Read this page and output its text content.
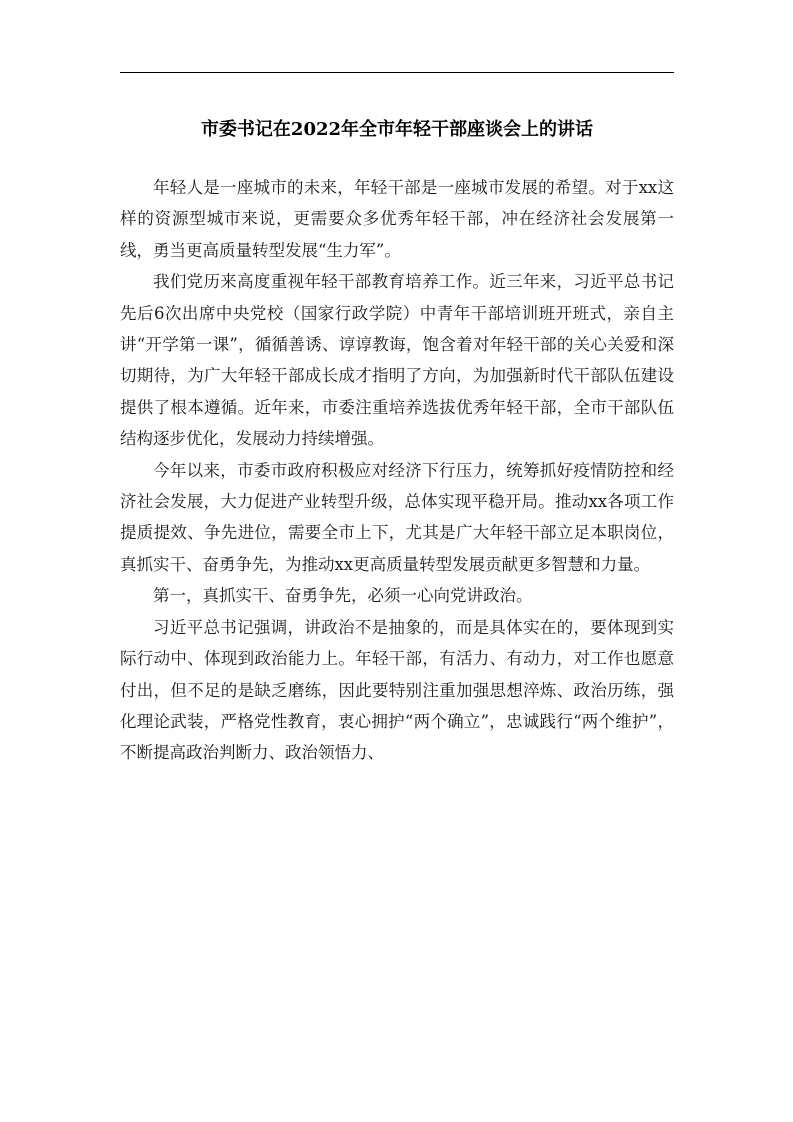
市委书记在2022年全市年轻干部座谈会上的讲话

年轻人是一座城市的未来，年轻干部是一座城市发展的希望。对于xx这样的资源型城市来说，更需要众多优秀年轻干部，冲在经济社会发展第一线，勇当更高质量转型发展“生力军”。

我们党历来高度重视年轻干部教育培养工作。近三年来，习近平总书记先后6次出席中央党校（国家行政学院）中青年干部培训班开班式，亲自主讲“开学第一课”，循循善诱、谆谆教诲，饱含着对年轻干部的关心关爱和深切期待，为广大年轻干部成长成才指明了方向，为加强新时代干部队伍建设提供了根本遵循。近年来，市委注重培养选拔优秀年轻干部，全市干部队伍结构逐步优化，发展动力持续增强。

今年以来，市委市政府积极应对经济下行压力，统筹抓好疫情防控和经济社会发展，大力促进产业转型升级，总体实现平稳开局。推动xx各项工作提质提效、争先进位，需要全市上下，尤其是广大年轻干部立足本职岗位，真抓实干、奋勇争先，为推动xx更高质量转型发展贡献更多智慧和力量。

第一，真抓实干、奋勇争先，必须一心向党讲政治。

习近平总书记强调，讲政治不是抽象的，而是具体实在的，要体现到实际行动中、体现到政治能力上。年轻干部，有活力、有动力，对工作也愿意付出，但不足的是缺乏磨练，因此要特别注重加强思想淬炼、政治历练，强化理论武装，严格党性教育，衷心拥护“两个确立”，忠诚践行“两个维护”，不断提高政治判断力、政治领悟力、
